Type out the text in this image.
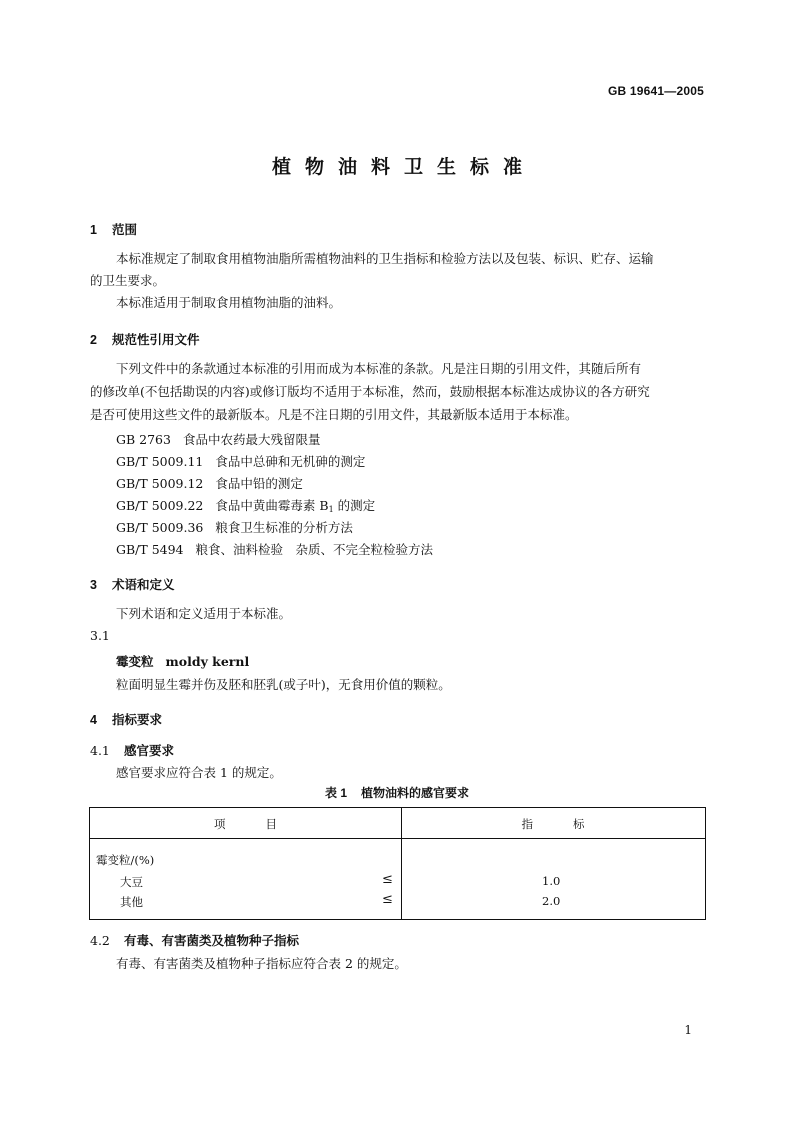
GB 19641—2005
植物油料卫生标准
1 范围
本标准规定了制取食用植物油脂所需植物油料的卫生指标和检验方法以及包装、标识、贮存、运输
的卫生要求。
本标准适用于制取食用植物油脂的油料。
2 规范性引用文件
下列文件中的条款通过本标准的引用而成为本标准的条款。凡是注日期的引用文件，其随后所有
的修改单(不包括勘误的内容)或修订版均不适用于本标准，然而，鼓励根据本标准达成协议的各方研究
是否可使用这些文件的最新版本。凡是不注日期的引用文件，其最新版本适用于本标准。
GB 2763 食品中农药最大残留限量
GB/T 5009.11 食品中总砷和无机砷的测定
GB/T 5009.12 食品中铅的测定
GB/T 5009.22 食品中黄曲霉毒素 $B_1$ 的测定
GB/T 5009.36 粮食卫生标准的分析方法
GB/T 5494 粮食、油料检验　杂质、不完全粒检验方法
3 术语和定义
下列术语和定义适用于本标准。
3.1
霉变粒 moldy kernl
粒面明显生霉并伤及胚和胚乳(或子叶)，无食用价值的颗粒。
4 指标要求
4.1 感官要求
感官要求应符合表 1 的规定。
表 1 植物油料的感官要求
项目	指标
霉变粒/(%)
大豆	≤	1.0
其他	≤	2.0
4.2 有毒、有害菌类及植物种子指标
有毒、有害菌类及植物种子指标应符合表 2 的规定。
1
